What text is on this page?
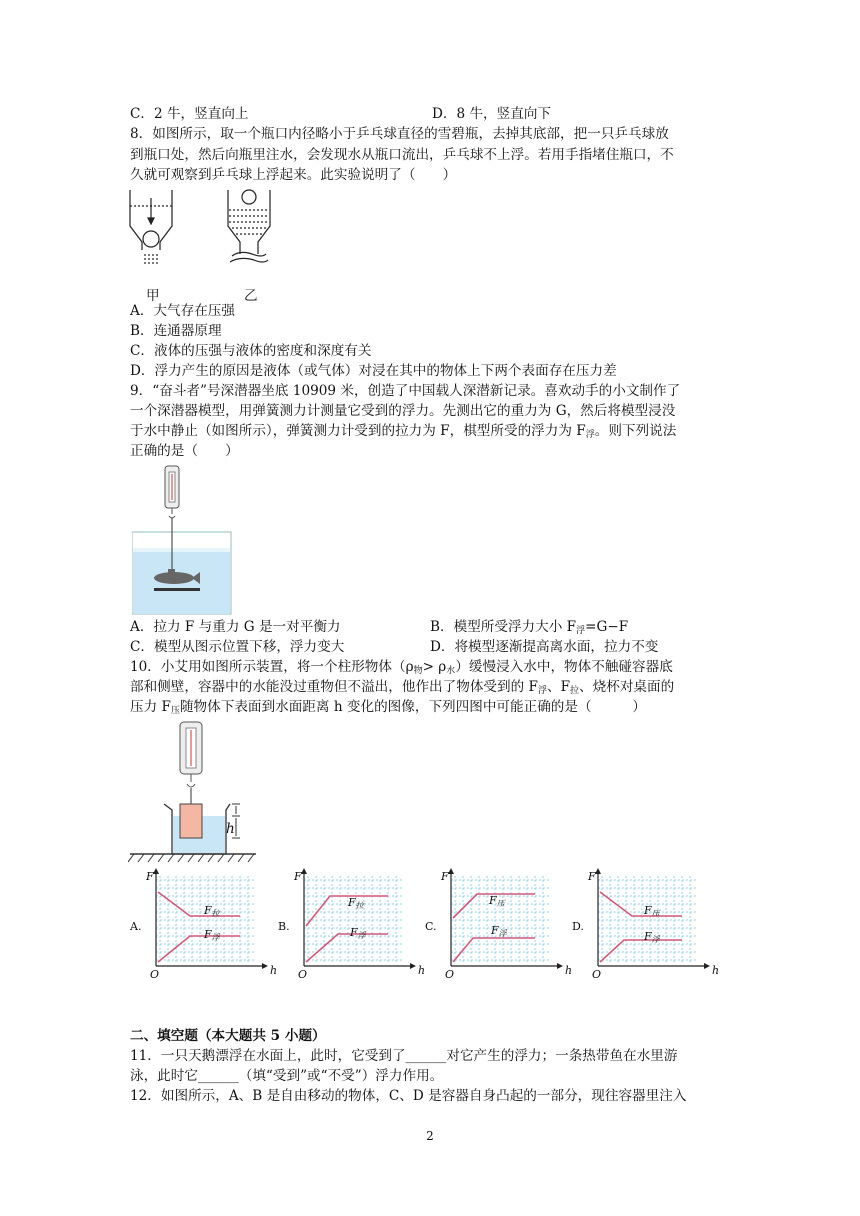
C．2 牛，竖直向上	D．8 牛，竖直向下
8．如图所示，取一个瓶口内径略小于乒乓球直径的雪碧瓶，去掉其底部，把一只乒乓球放
到瓶口处，然后向瓶里注水，会发现水从瓶口流出，乒乓球不上浮。若用手指堵住瓶口，不
久就可观察到乒乓球上浮起来。此实验说明了（　　）
甲	乙
A．大气存在压强
B．连通器原理
C．液体的压强与液体的密度和深度有关
D．浮力产生的原因是液体（或气体）对浸在其中的物体上下两个表面存在压力差
9．“奋斗者”号深潜器坐底 10909 米，创造了中国载人深潜新记录。喜欢动手的小文制作了
一个深潜器模型，用弹簧测力计测量它受到的浮力。先测出它的重力为 G，然后将模型浸没
于水中静止（如图所示），弹簧测力计受到的拉力为 F，棋型所受的浮力为 $F_浮$。则下列说法
正确的是（　　）
A．拉力 F 与重力 G 是一对平衡力	B．模型所受浮力大小 $F_浮=G-F$
C．模型从图示位置下移，浮力变大	D．将模型逐渐提高离水面，拉力不变
10．小艾用如图所示装置，将一个柱形物体$(\rho_物> \rho_水)$缓慢浸入水中，物体不触碰容器底
部和侧壁，容器中的水能没过重物但不溢出，他作出了物体受到的 $F_浮$、$F_拉$、烧杯对桌面的
压力 $F_压$随物体下表面到水面距离 h 变化的图像，下列四图中可能正确的是（　　　）
h
A.
F
h
O
$F_拉$
$F_浮$
B.
F
h
O
$F_拉$
$F_浮$
C.
F
h
O
$F_压$
$F_浮$
D.
F
h
O
$F_压$
$F_浮$
二、填空题（本大题共 5 小题）
11．一只天鹅漂浮在水面上，此时，它受到了______对它产生的浮力；一条热带鱼在水里游
泳，此时它______（填“受到”或“不受”）浮力作用。
12．如图所示，A、B 是自由移动的物体，C、D 是容器自身凸起的一部分，现往容器里注入
2
